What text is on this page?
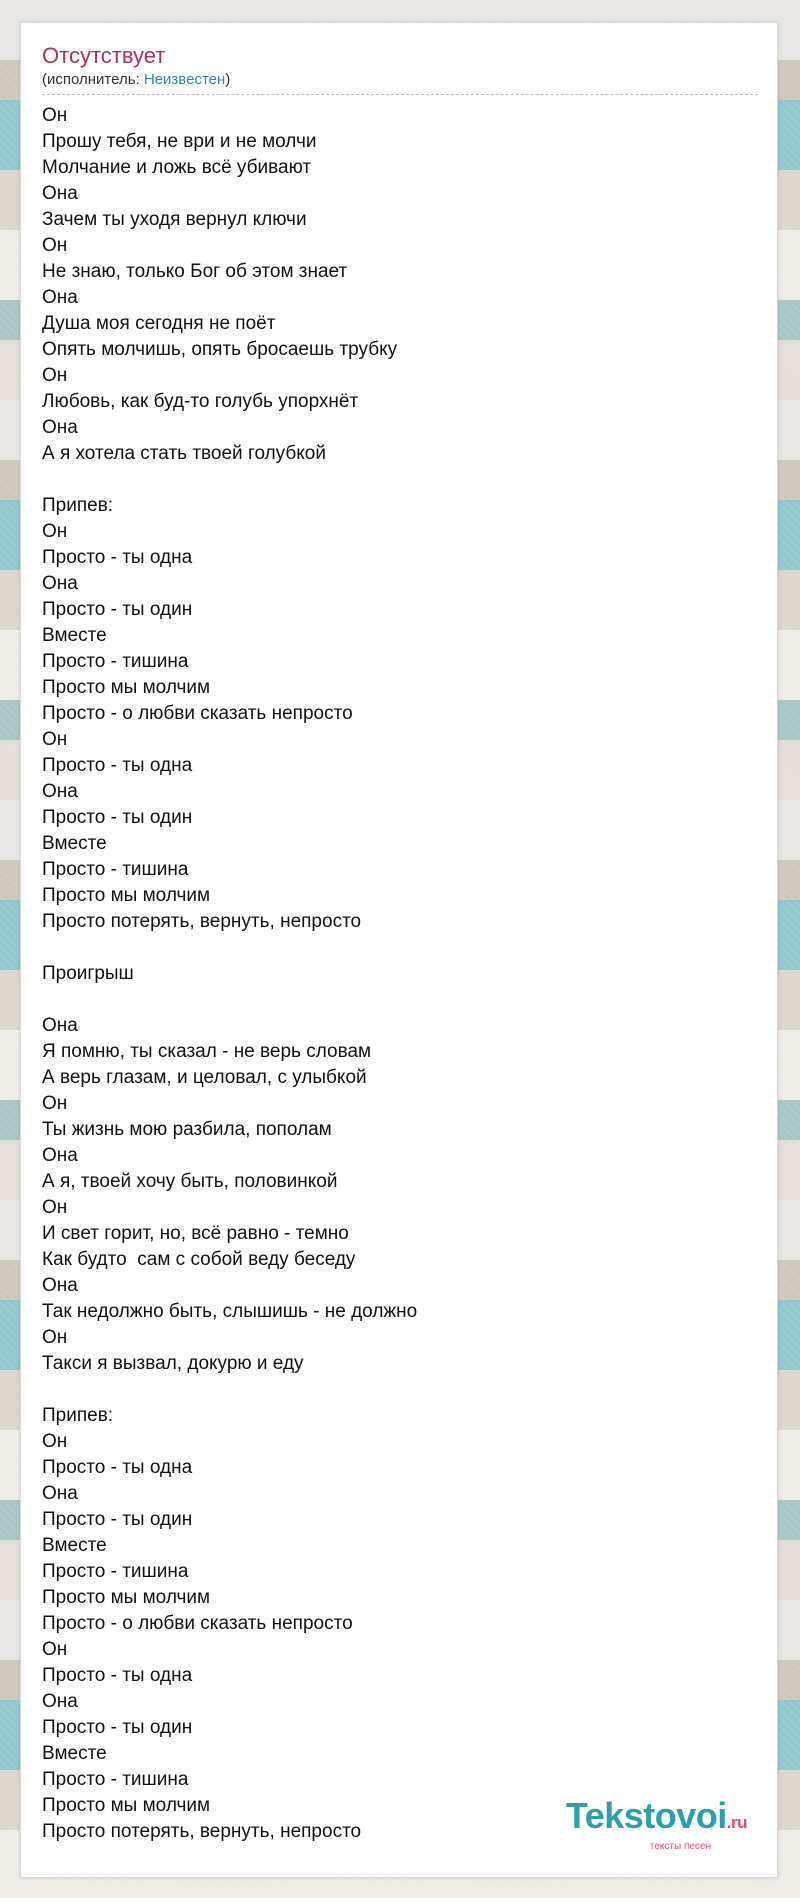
Отсутствует
(исполнитель: Неизвестен)
Он
Прошу тебя, не ври и не молчи
Молчание и ложь всё убивают
Она
Зачем ты уходя вернул ключи
Он
Не знаю, только Бог об этом знает
Она
Душа моя сегодня не поёт
Опять молчишь, опять бросаешь трубку
Он
Любовь, как буд-то голубь упорхнёт
Она
А я хотела стать твоей голубкой
Припев:
Он
Просто - ты одна
Она
Просто - ты один
Вместе
Просто - тишина
Просто мы молчим
Просто - о любви сказать непросто
Он
Просто - ты одна
Она
Просто - ты один
Вместе
Просто - тишина
Просто мы молчим
Просто потерять, вернуть, непросто
Проигрыш
Она
Я помню, ты сказал - не верь словам
А верь глазам, и целовал, с улыбкой
Он
Ты жизнь мою разбила, пополам
Она
А я, твоей хочу быть, половинкой
Он
И свет горит, но, всё равно - темно
Как будто  сам с собой веду беседу
Она
Так недолжно быть, слышишь - не должно
Он
Такси я вызвал, докурю и еду
Припев:
Он
Просто - ты одна
Она
Просто - ты один
Вместе
Просто - тишина
Просто мы молчим
Просто - о любви сказать непросто
Он
Просто - ты одна
Она
Просто - ты один
Вместе
Просто - тишина
Просто мы молчим
Просто потерять, вернуть, непросто	Tekstovoi.ru
тексты песен
